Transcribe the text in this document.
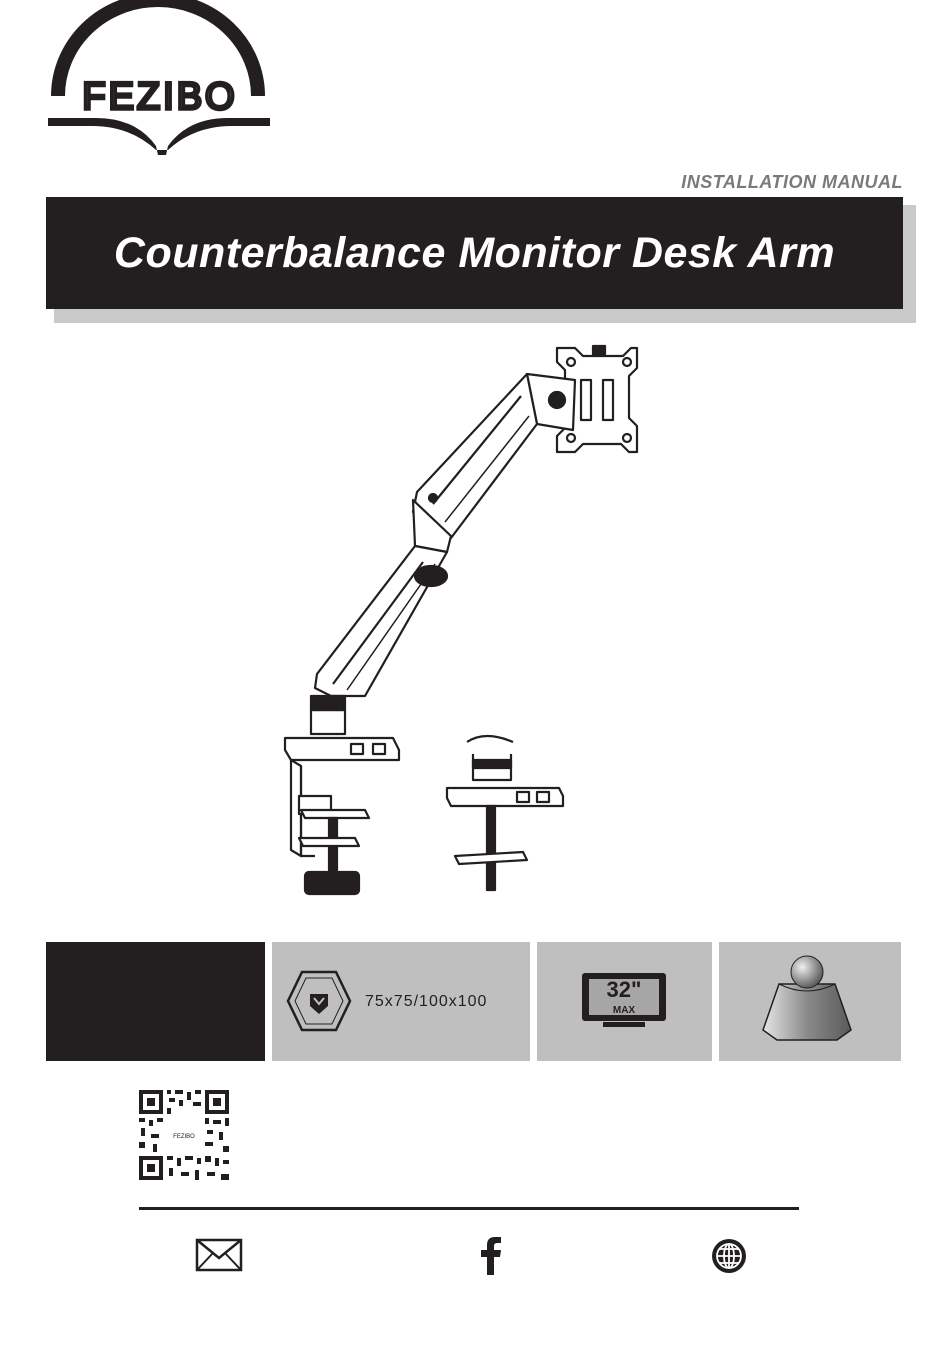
FEZIBO
INSTALLATION MANUAL
Counterbalance Monitor Desk Arm
75x75/100x100	32"
MAX
FEZIBO
